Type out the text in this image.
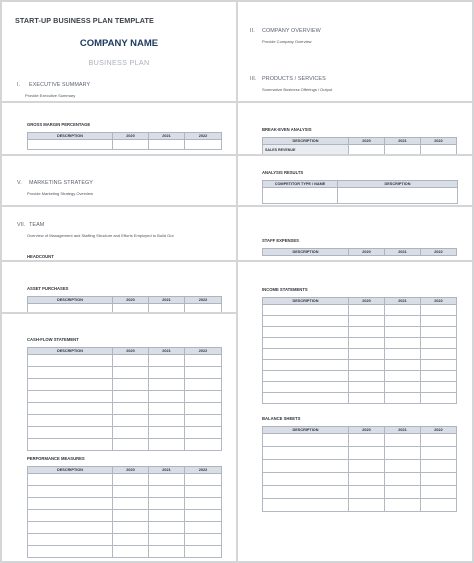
START-UP BUSINESS PLAN TEMPLATE
COMPANY NAME
BUSINESS PLAN
I. EXECUTIVE SUMMARY
Provide Executive Summary
II. COMPANY OVERVIEW
Provide Company Overview
III. PRODUCTS / SERVICES
Summarize Business Offerings / Output
GROSS MARGIN PERCENTAGE
DESCRIPTION	2020	2021	2022

BREAK-EVEN ANALYSIS
DESCRIPTION	2020	2021	2022
SALES REVENUE			
V. MARKETING STRATEGY
Provide Marketing Strategy Overview
ANALYSIS RESULTS
COMPETITOR TYPE / NAME	DESCRIPTION

VII. TEAM
Overview of Management and Staffing Structure and Efforts Employed to Build Out
HEADCOUNT
STAFF EXPENSES
DESCRIPTION	2020	2021	2022
ASSET PURCHASES
DESCRIPTION	2020	2021	2022

INCOME STATEMENTS
DESCRIPTION	2020	2021	2022

BALANCE SHEETS
DESCRIPTION	2020	2021	2022

CASH-FLOW STATEMENT
DESCRIPTION	2020	2021	2022

PERFORMANCE MEASURES
DESCRIPTION	2020	2021	2022
